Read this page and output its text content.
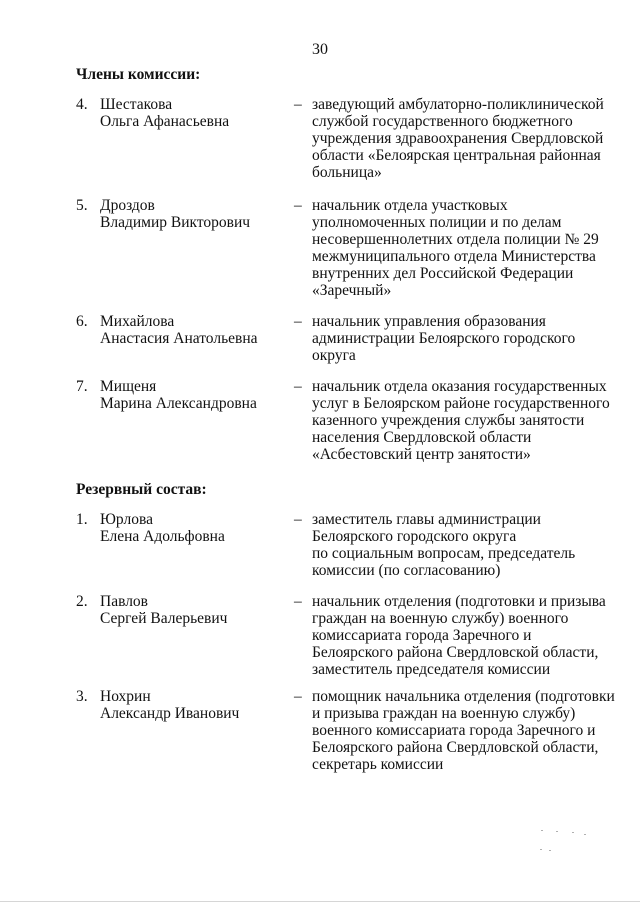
30
Члены комиссии:
4. Шестакова
Ольга Афанасьевна
– заведующий амбулаторно-поликлинической
службой государственного бюджетного
учреждения здравоохранения Свердловской
области «Белоярская центральная районная
больница»
5. Дроздов
Владимир Викторович
– начальник отдела участковых
уполномоченных полиции и по делам
несовершеннолетних отдела полиции № 29
межмуниципального отдела Министерства
внутренних дел Российской Федерации
«Заречный»
6. Михайлова
Анастасия Анатольевна
– начальник управления образования
администрации Белоярского городского
округа
7. Мищеня
Марина Александровна
– начальник отдела оказания государственных
услуг в Белоярском районе государственного
казенного учреждения службы занятости
населения Свердловской области
«Асбестовский центр занятости»
Резервный состав:
1. Юрлова
Елена Адольфовна
– заместитель главы администрации
Белоярского городского округа
по социальным вопросам, председатель
комиссии (по согласованию)
2. Павлов
Сергей Валерьевич
– начальник отделения (подготовки и призыва
граждан на военную службу) военного
комиссариата города Заречного и
Белоярского района Свердловской области,
заместитель председателя комиссии
3. Нохрин
Александр Иванович
– помощник начальника отделения (подготовки
и призыва граждан на военную службу)
военного комиссариата города Заречного и
Белоярского района Свердловской области,
секретарь комиссии
